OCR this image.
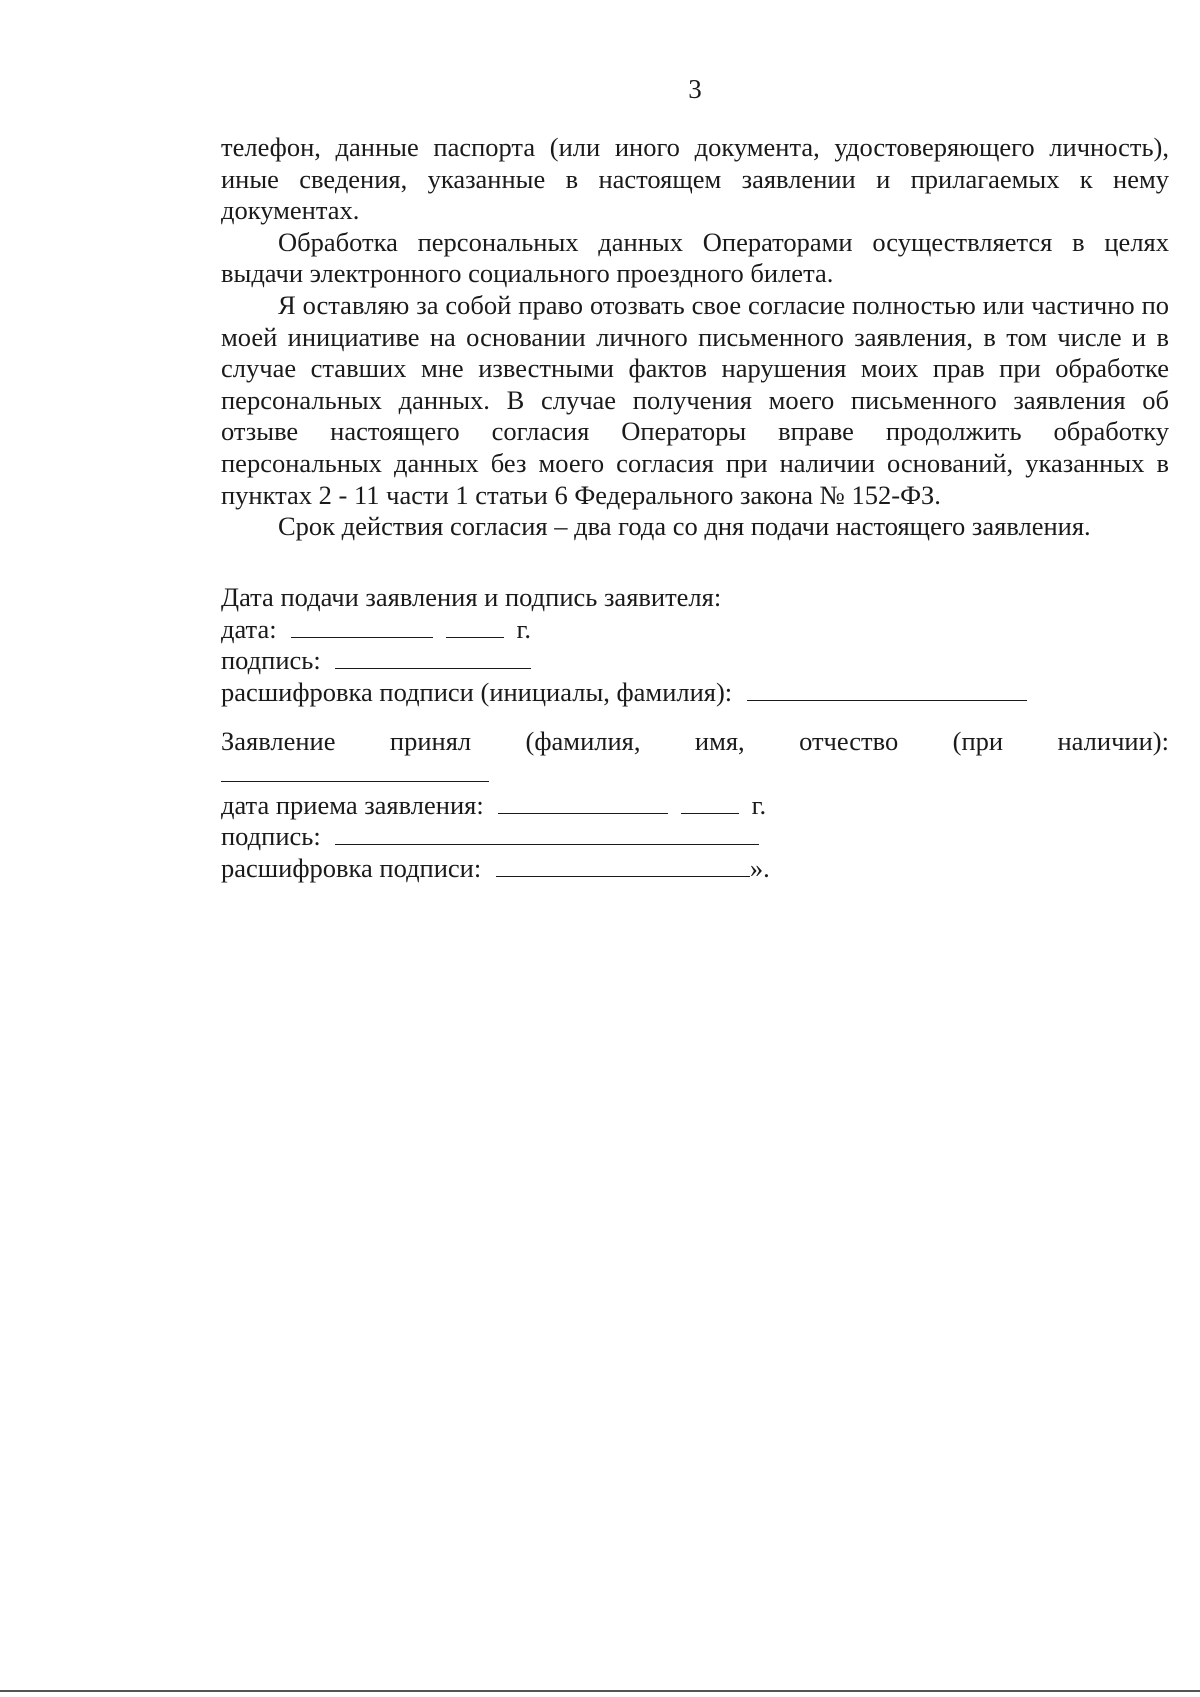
3

телефон, данные паспорта (или иного документа, удостоверяющего личность), иные сведения, указанные в настоящем заявлении и прилагаемых к нему документах.

Обработка персональных данных Операторами осуществляется в целях выдачи электронного социального проездного билета.

Я оставляю за собой право отозвать свое согласие полностью или частично по моей инициативе на основании личного письменного заявления, в том числе и в случае ставших мне известными фактов нарушения моих прав при обработке персональных данных. В случае получения моего письменного заявления об отзыве настоящего согласия Операторы вправе продолжить обработку персональных данных без моего согласия при наличии оснований, указанных в пунктах 2 - 11 части 1 статьи 6 Федерального закона № 152-ФЗ.

Срок действия согласия – два года со дня подачи настоящего заявления.

Дата подачи заявления и подпись заявителя:
дата:	г.
подпись:
расшифровка подписи (инициалы, фамилия):
Заявление принял (фамилия, имя, отчество (при наличии):
дата приема заявления:	г.
подпись:
расшифровка подписи:	».
